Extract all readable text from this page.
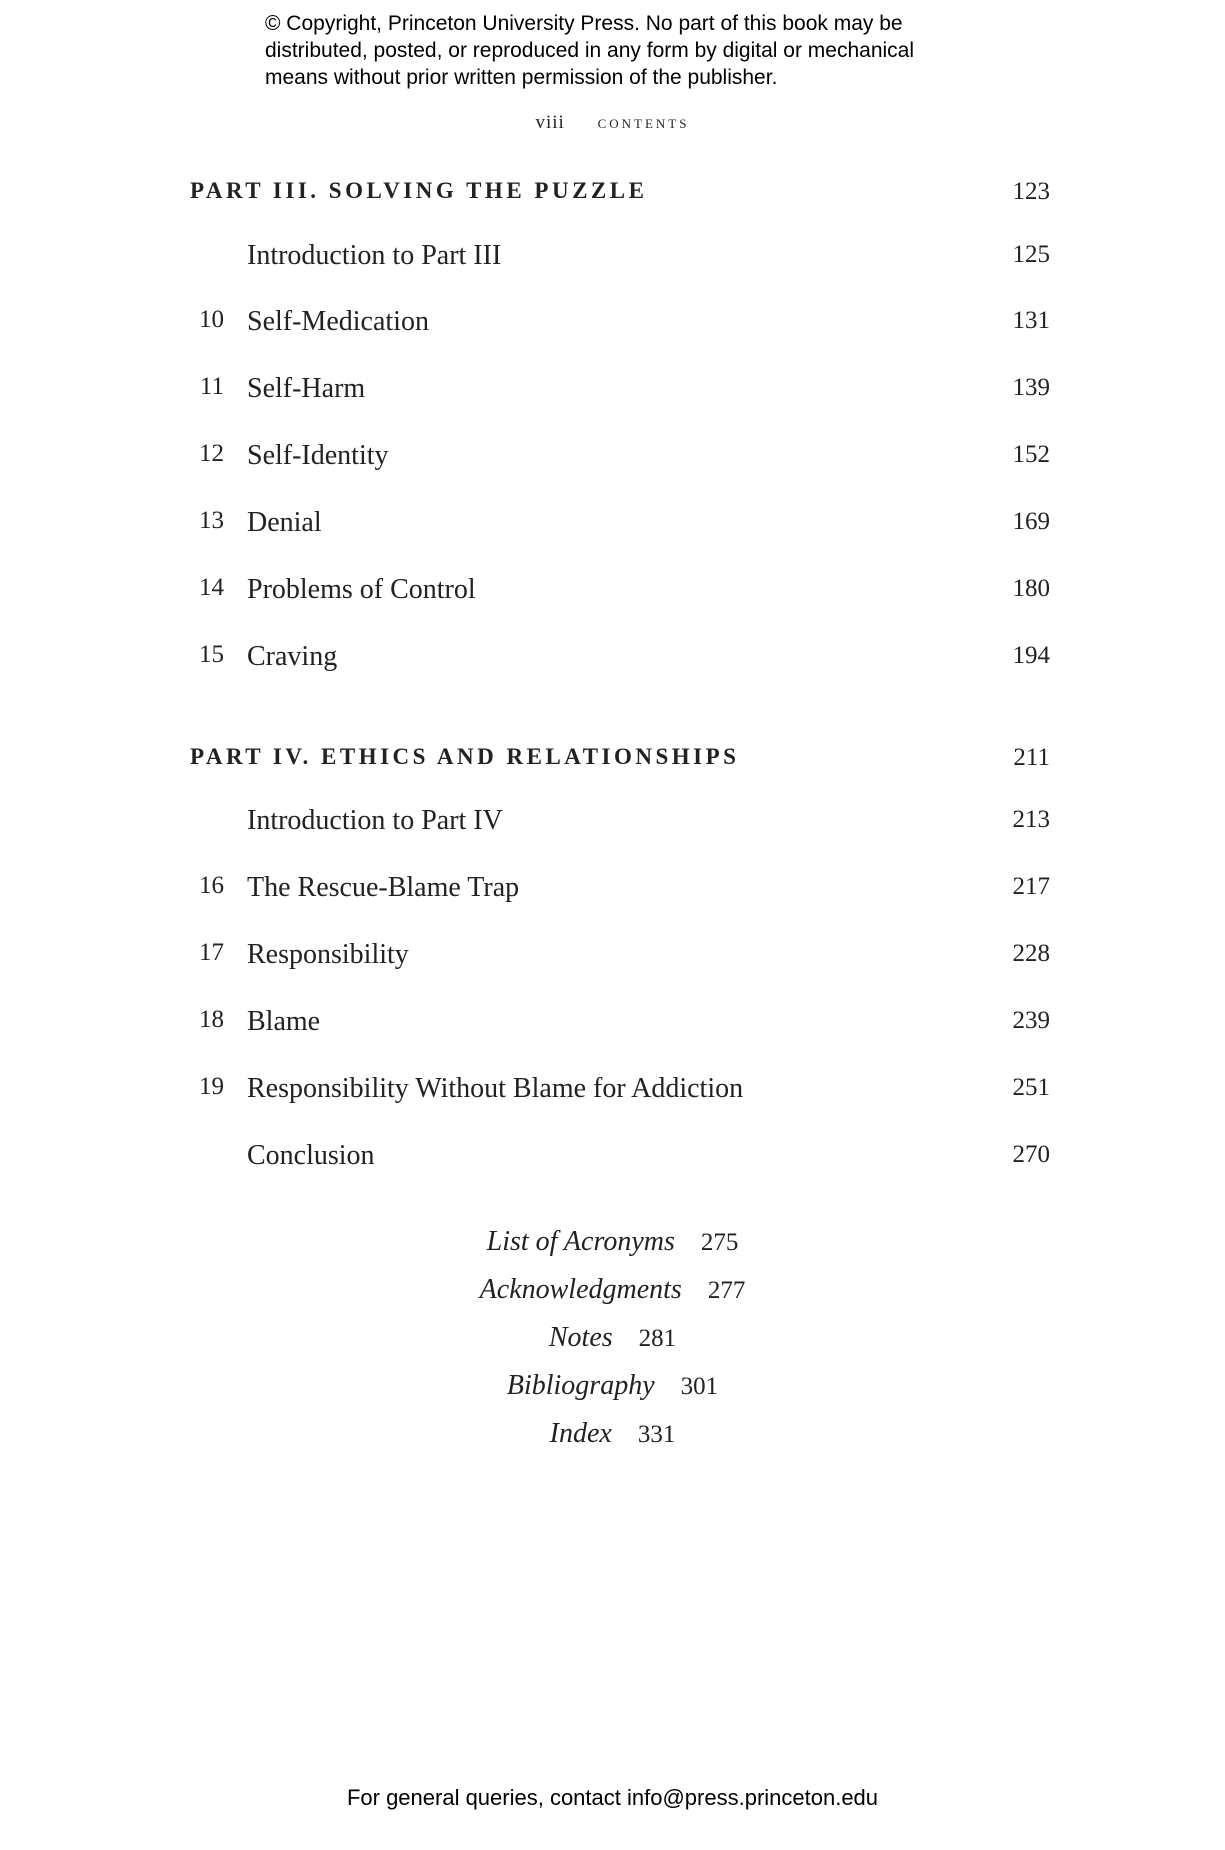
© Copyright, Princeton University Press. No part of this book may be
distributed, posted, or reproduced in any form by digital or mechanical
means without prior written permission of the publisher.
viii contents
PART III. SOLVING THE PUZZLE	123
Introduction to Part III	125
10 Self-Medication	131
11 Self-Harm	139
12 Self-Identity	152
13 Denial	169
14 Problems of Control	180
15 Craving	194
PART IV. ETHICS AND RELATIONSHIPS	211
Introduction to Part IV	213
16 The Rescue-Blame Trap	217
17 Responsibility	228
18 Blame	239
19 Responsibility Without Blame for Addiction	251
Conclusion	270
List of Acronyms 275
Acknowledgments 277
Notes 281
Bibliography 301
Index 331
For general queries, contact info@press.princeton.edu
